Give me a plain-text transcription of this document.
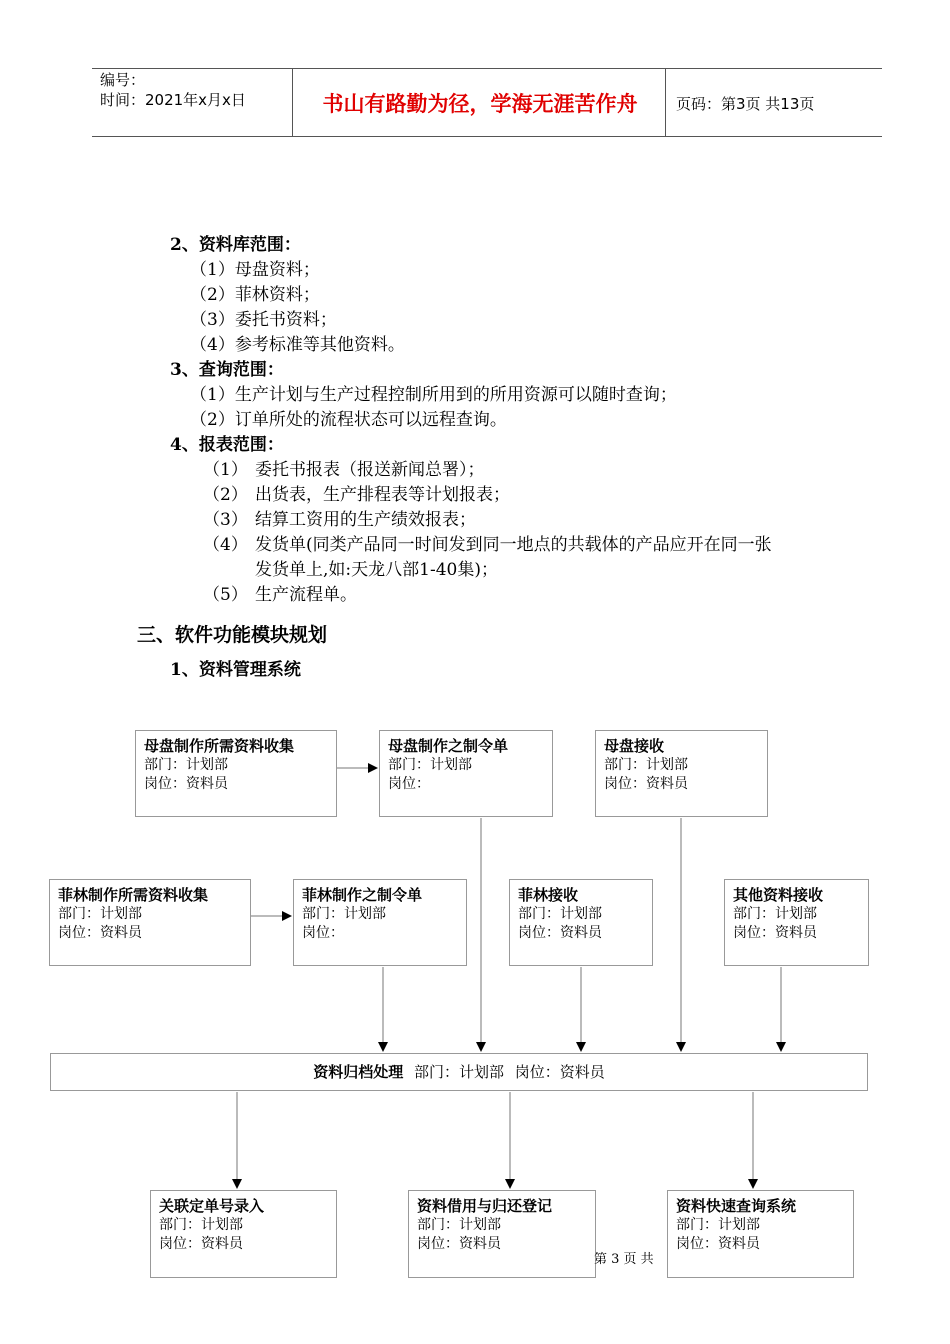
编号：
时间：2021年x月x日	书山有路勤为径，学海无涯苦作舟	页码：第3页 共13页
2、资料库范围：
（1）母盘资料；
（2）菲林资料；
（3）委托书资料；
（4）参考标准等其他资料。
3、查询范围：
（1）生产计划与生产过程控制所用到的所用资源可以随时查询；
（2）订单所处的流程状态可以远程查询。
4、报表范围：
（1） 委托书报表（报送新闻总署）；
（2） 出货表，生产排程表等计划报表；
（3） 结算工资用的生产绩效报表；
（4） 发货单(同类产品同一时间发到同一地点的共载体的产品应开在同一张
发货单上,如:天龙八部1-40集)；
（5） 生产流程单。
三、软件功能模块规划
1、资料管理系统
母盘制作所需资料收集
部门：计划部
岗位：资料员
母盘制作之制令单
部门：计划部
岗位：
母盘接收
部门：计划部
岗位：资料员
菲林制作所需资料收集
部门：计划部
岗位：资料员
菲林制作之制令单
部门：计划部
岗位：
菲林接收
部门：计划部
岗位：资料员
其他资料接收
部门：计划部
岗位：资料员
资料归档处理 部门：计划部 岗位：资料员
关联定单号录入
部门：计划部
岗位：资料员
资料借用与归还登记
部门：计划部
岗位：资料员
资料快速查询系统
部门：计划部
岗位：资料员
第 3 页 共
